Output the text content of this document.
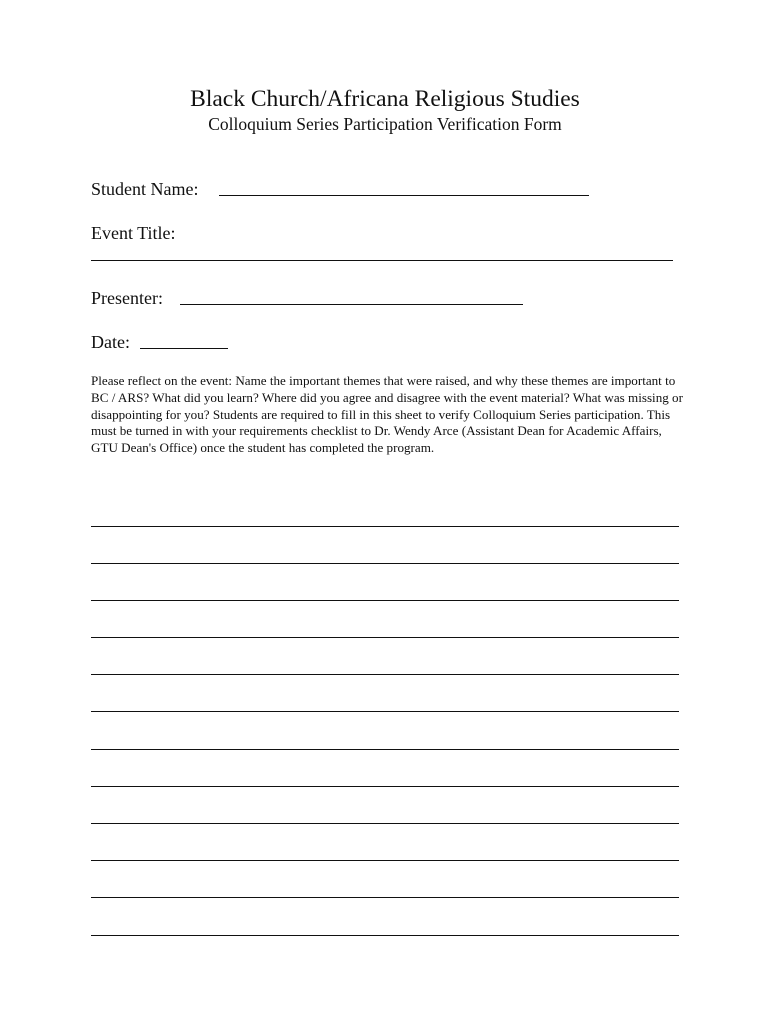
Black Church/Africana Religious Studies
Colloquium Series Participation Verification Form
Student Name:
Event Title:
Presenter:
Date:

Please reflect on the event: Name the important themes that were raised, and why these themes are important to BC / ARS? What did you learn? Where did you agree and disagree with the event material? What was missing or disappointing for you? Students are required to fill in this sheet to verify Colloquium Series participation. This must be turned in with your requirements checklist to Dr. Wendy Arce (Assistant Dean for Academic Affairs, GTU Dean's Office) once the student has completed the program.
